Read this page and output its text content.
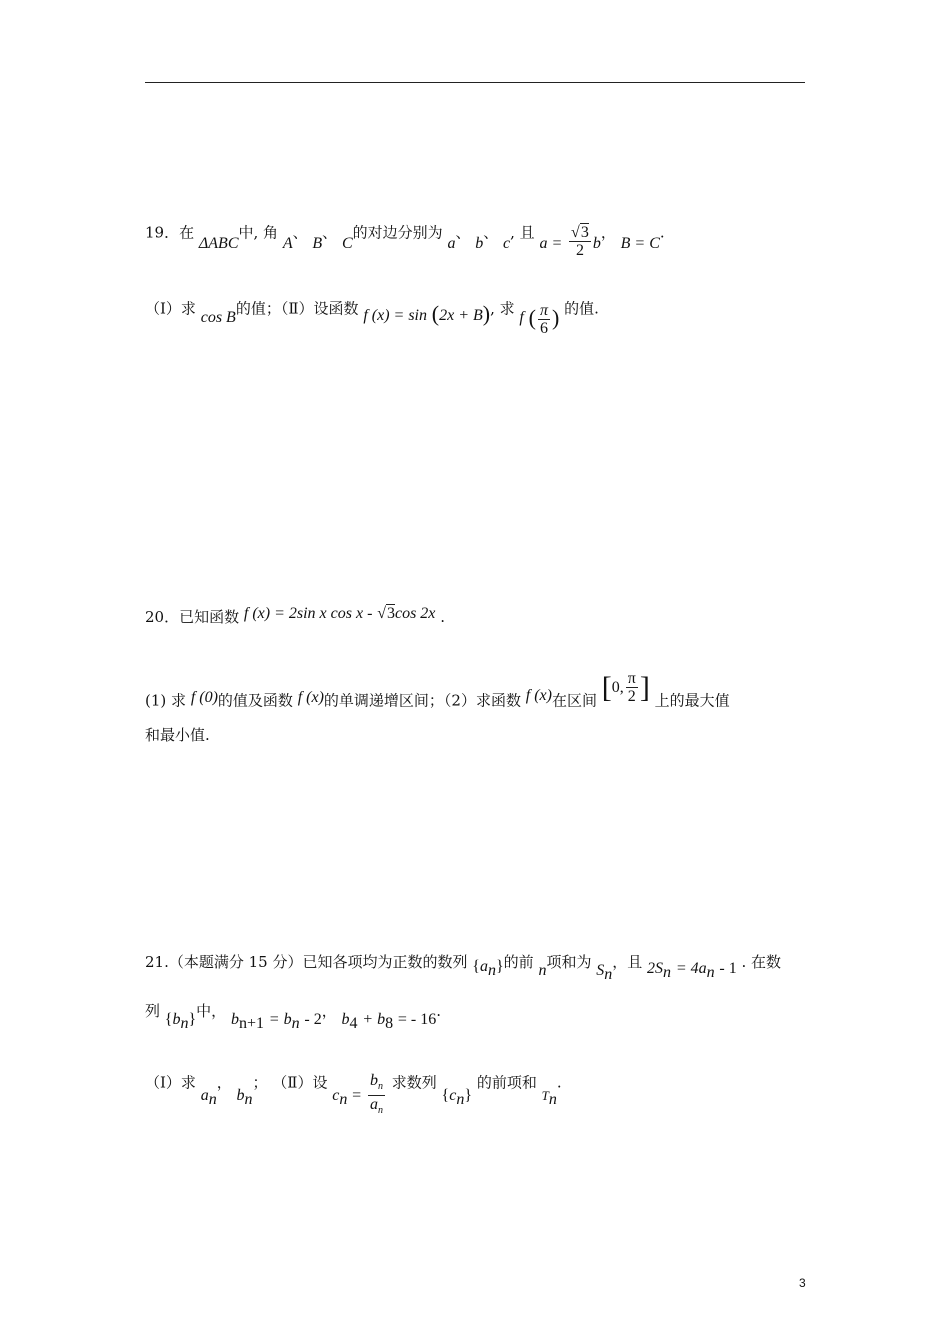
19．在 ΔABC中, 角 A、 B、 C的对边分别为 a、 b、 c, 且 $a = \frac{√3}{2}$ b， B = C.
（Ⅰ）求 cos B的值；（Ⅱ）设函数 f (x) = sin (2x + B), 求 f ( $\frac{\pi}{6}$ ) 的值.
20．已知函数 f (x) = 2sin x cos x - √3cos 2x .
(1) 求 f (0)的值及函数 f (x)的单调递增区间；（2）求函数 f (x)在区间 [0, $\frac{\pi}{2}$ ] 上的最大值
和最小值.
21.（本题满分 15 分）已知各项均为正数的数列 $\{a_n\}$的前 n项和为 $S_n$，且 $2S_n = 4a_n - 1$ . 在数
列 $\{b_n\}$中， $b_{n+1} = b_n - 2$， $b_4 + b_8$ = - 16.
（Ⅰ）求 $a_n$， $b_n$； （Ⅱ）设 $c_n = \frac{b_n}{a_n}$ 求数列 $\{c_n\}$ 的前项和 $T_n$.
3
